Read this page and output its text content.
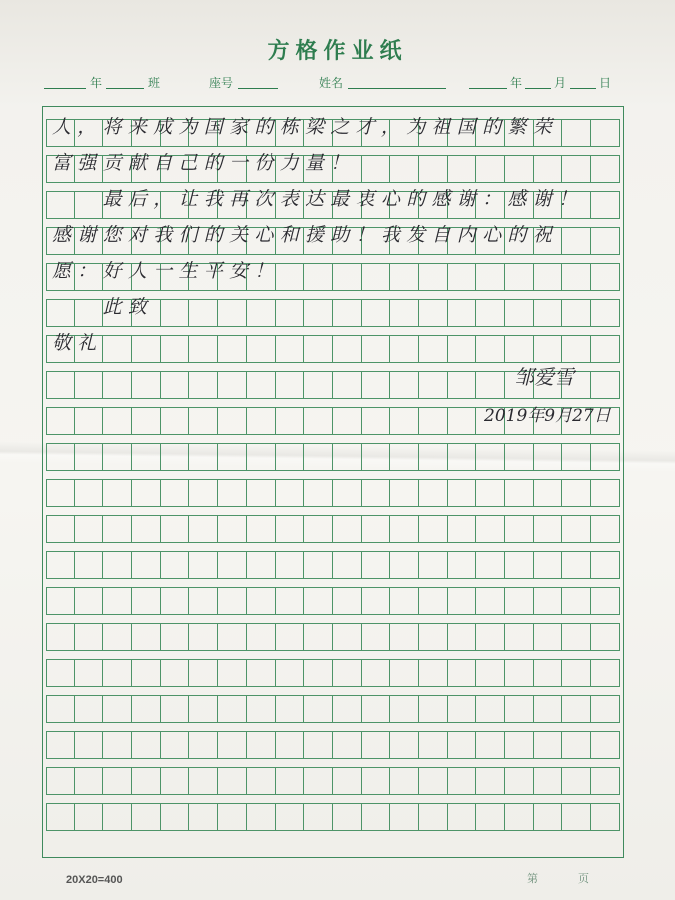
方格作业纸
年	班	座号	姓名	年	月	日
人，将来成为国家的栋梁之才，为祖国的繁荣
富强贡献自己的一份力量！
　　最后，让我再次表达最衷心的感谢：感谢！
感谢您对我们的关心和援助！我发自内心的祝
愿：好人一生平安！
　　此致
敬礼
邹爱雪
2019年9月27日
20X20=400	第	页
